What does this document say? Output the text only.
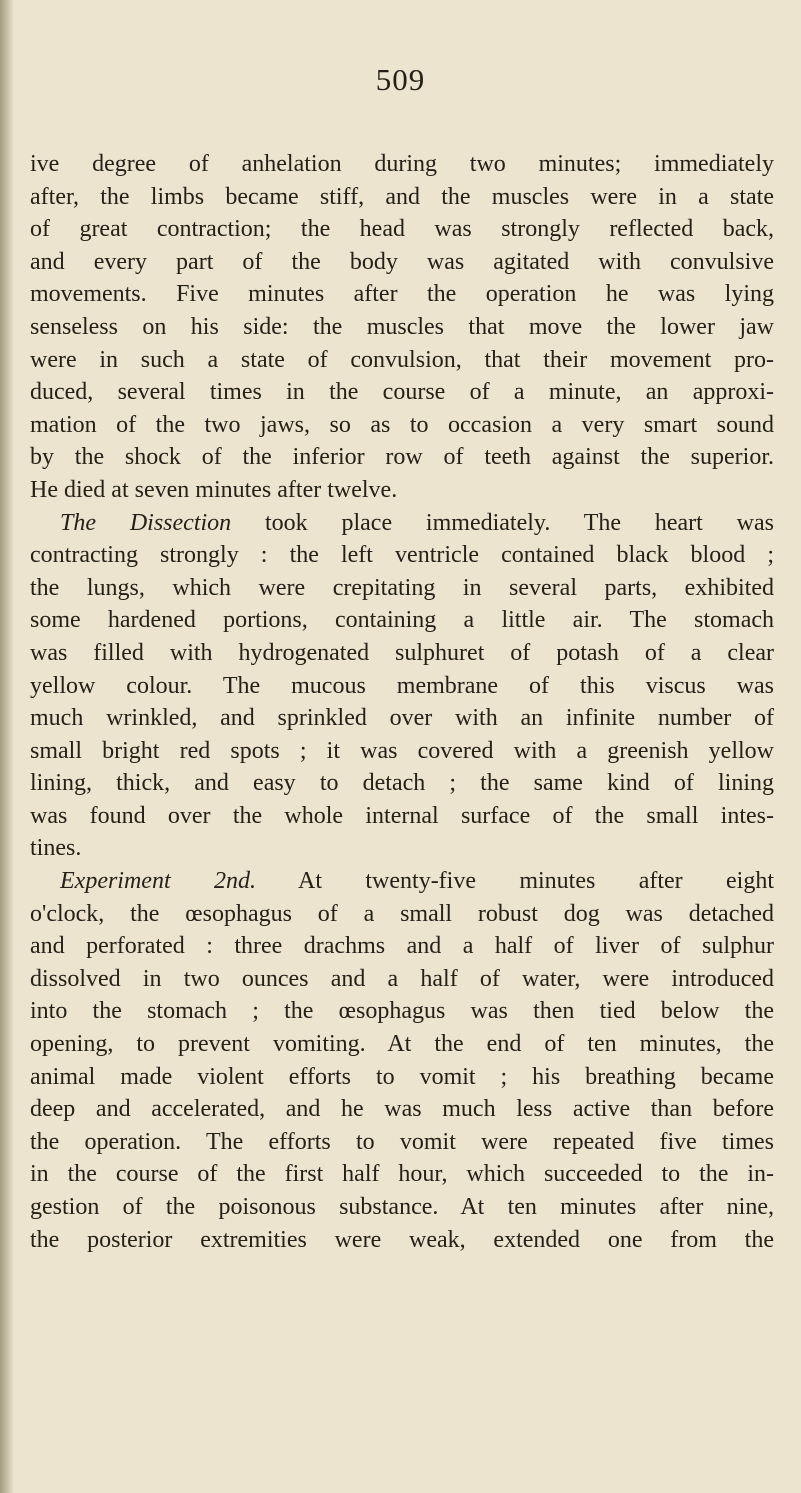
509
ive degree of anhelation during two minutes; immediately
after, the limbs became stiff, and the muscles were in a state
of great contraction; the head was strongly reflected back,
and every part of the body was agitated with convulsive
movements. Five minutes after the operation he was lying
senseless on his side: the muscles that move the lower jaw
were in such a state of convulsion, that their movement pro-
duced, several times in the course of a minute, an approxi-
mation of the two jaws, so as to occasion a very smart sound
by the shock of the inferior row of teeth against the superior.
He died at seven minutes after twelve.
The Dissection took place immediately. The heart was
contracting strongly : the left ventricle contained black blood ;
the lungs, which were crepitating in several parts, exhibited
some hardened portions, containing a little air. The stomach
was filled with hydrogenated sulphuret of potash of a clear
yellow colour. The mucous membrane of this viscus was
much wrinkled, and sprinkled over with an infinite number of
small bright red spots ; it was covered with a greenish yellow
lining, thick, and easy to detach ; the same kind of lining
was found over the whole internal surface of the small intes-
tines.
Experiment 2nd. At twenty-five minutes after eight
o'clock, the œsophagus of a small robust dog was detached
and perforated : three drachms and a half of liver of sulphur
dissolved in two ounces and a half of water, were introduced
into the stomach ; the œsophagus was then tied below the
opening, to prevent vomiting. At the end of ten minutes, the
animal made violent efforts to vomit ; his breathing became
deep and accelerated, and he was much less active than before
the operation. The efforts to vomit were repeated five times
in the course of the first half hour, which succeeded to the in-
gestion of the poisonous substance. At ten minutes after nine,
the posterior extremities were weak, extended one from the
